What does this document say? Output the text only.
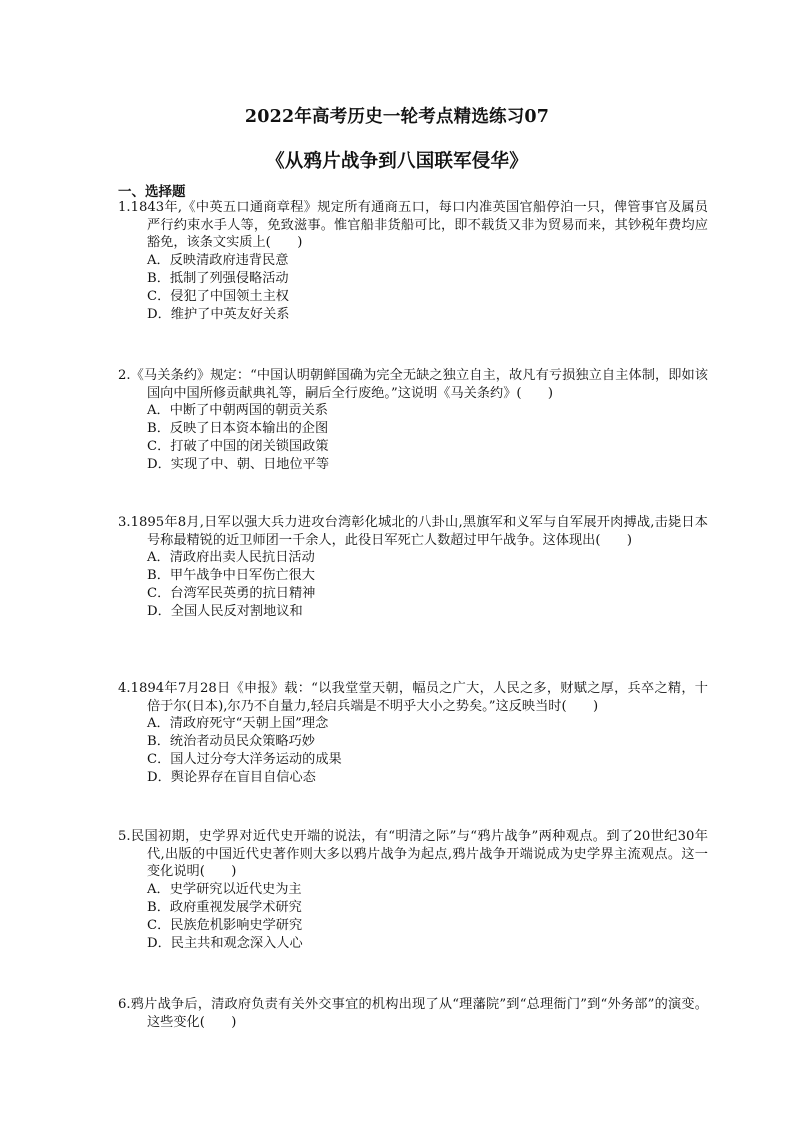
2022年高考历史一轮考点精选练习07
《从鸦片战争到八国联军侵华》
一、选择题

1.1843年,《中英五口通商章程》规定所有通商五口，每口内准英国官船停泊一只，俾管事官及属员严行约束水手人等，免致滋事。惟官船非货船可比，即不载货又非为贸易而来，其钞税年费均应豁免，该条文实质上(　　)

A．反映清政府违背民意
B．抵制了列强侵略活动
C．侵犯了中国领土主权
D．维护了中英友好关系

2.《马关条约》规定：“中国认明朝鲜国确为完全无缺之独立自主，故凡有亏损独立自主体制，即如该国向中国所修贡献典礼等，嗣后全行废绝。”这说明《马关条约》(　　)

A．中断了中朝两国的朝贡关系
B．反映了日本资本输出的企图
C．打破了中国的闭关锁国政策
D．实现了中、朝、日地位平等

3.1895年8月,日军以强大兵力进攻台湾彰化城北的八卦山,黑旗军和义军与自军展开肉搏战,击毙日本号称最精锐的近卫师团一千余人，此役日军死亡人数超过甲午战争。这体现出(　　)

A．清政府出卖人民抗日活动
B．甲午战争中日军伤亡很大
C．台湾军民英勇的抗日精神
D．全国人民反对割地议和

4.1894年7月28日《申报》载：“以我堂堂天朝，幅员之广大，人民之多，财赋之厚，兵卒之精，十倍于尔(日本),尔乃不自量力,轻启兵端是不明乎大小之势矣。”这反映当时(　　)

A．清政府死守“天朝上国”理念
B．统治者动员民众策略巧妙
C．国人过分夸大洋务运动的成果
D．舆论界存在盲目自信心态

5.民国初期，史学界对近代史开端的说法，有“明清之际”与“鸦片战争”两种观点。到了20世纪30年代,出版的中国近代史著作则大多以鸦片战争为起点,鸦片战争开端说成为史学界主流观点。这一变化说明(　　)

A．史学研究以近代史为主
B．政府重视发展学术研究
C．民族危机影响史学研究
D．民主共和观念深入人心

6.鸦片战争后，清政府负责有关外交事宜的机构出现了从“理藩院”到“总理衙门”到“外务部”的演变。这些变化(　　)
